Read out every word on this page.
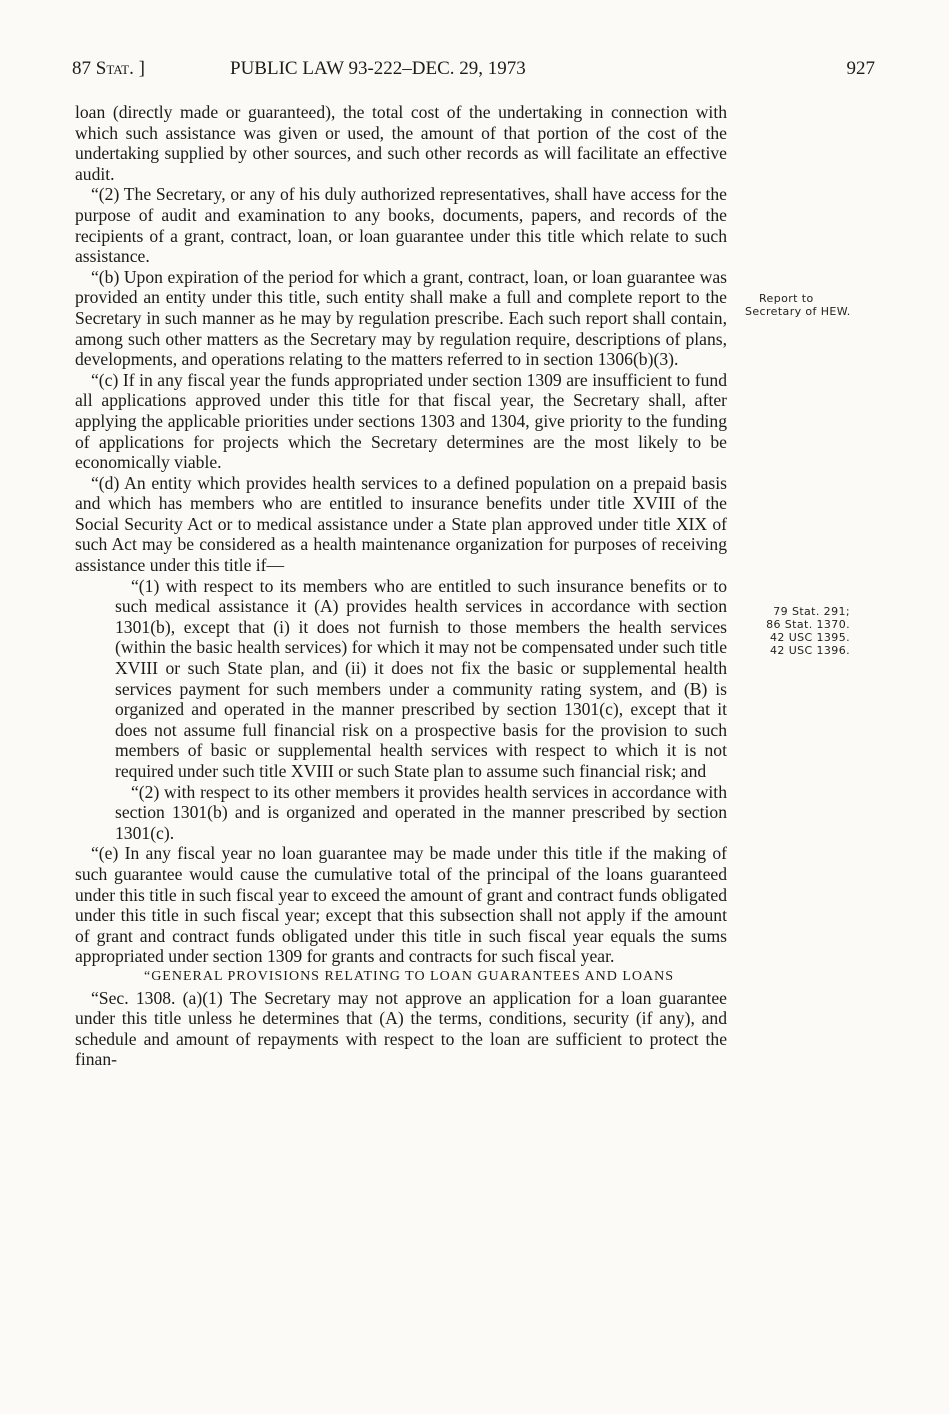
87 Stat. ]	PUBLIC LAW 93-222–DEC. 29, 1973	927
Report to
Secretary of HEW.
79 Stat. 291;
86 Stat. 1370.
42 USC 1395.
42 USC 1396.

loan (directly made or guaranteed), the total cost of the undertaking in connection with which such assistance was given or used, the amount of that portion of the cost of the undertaking supplied by other sources, and such other records as will facilitate an effective audit.

“(2) The Secretary, or any of his duly authorized representatives, shall have access for the purpose of audit and examination to any books, documents, papers, and records of the recipients of a grant, contract, loan, or loan guarantee under this title which relate to such assistance.

“(b) Upon expiration of the period for which a grant, contract, loan, or loan guarantee was provided an entity under this title, such entity shall make a full and complete report to the Secretary in such manner as he may by regulation prescribe. Each such report shall contain, among such other matters as the Secretary may by regulation require, descriptions of plans, developments, and operations relating to the matters referred to in section 1306(b)(3).

“(c) If in any fiscal year the funds appropriated under section 1309 are insufficient to fund all applications approved under this title for that fiscal year, the Secretary shall, after applying the applicable priorities under sections 1303 and 1304, give priority to the funding of applications for projects which the Secretary determines are the most likely to be economically viable.

“(d) An entity which provides health services to a defined population on a prepaid basis and which has members who are entitled to insurance benefits under title XVIII of the Social Security Act or to medical assistance under a State plan approved under title XIX of such Act may be considered as a health maintenance organization for purposes of receiving assistance under this title if—

“(1) with respect to its members who are entitled to such insurance benefits or to such medical assistance it (A) provides health services in accordance with section 1301(b), except that (i) it does not furnish to those members the health services (within the basic health services) for which it may not be compensated under such title XVIII or such State plan, and (ii) it does not fix the basic or supplemental health services payment for such members under a community rating system, and (B) is organized and operated in the manner prescribed by section 1301(c), except that it does not assume full financial risk on a prospective basis for the provision to such members of basic or supplemental health services with respect to which it is not required under such title XVIII or such State plan to assume such financial risk; and

“(2) with respect to its other members it provides health services in accordance with section 1301(b) and is organized and operated in the manner prescribed by section 1301(c).

“(e) In any fiscal year no loan guarantee may be made under this title if the making of such guarantee would cause the cumulative total of the principal of the loans guaranteed under this title in such fiscal year to exceed the amount of grant and contract funds obligated under this title in such fiscal year; except that this subsection shall not apply if the amount of grant and contract funds obligated under this title in such fiscal year equals the sums appropriated under section 1309 for grants and contracts for such fiscal year.

“GENERAL PROVISIONS RELATING TO LOAN GUARANTEES AND LOANS

“Sec. 1308. (a)(1) The Secretary may not approve an application for a loan guarantee under this title unless he determines that (A) the terms, conditions, security (if any), and schedule and amount of repayments with respect to the loan are sufficient to protect the finan-
